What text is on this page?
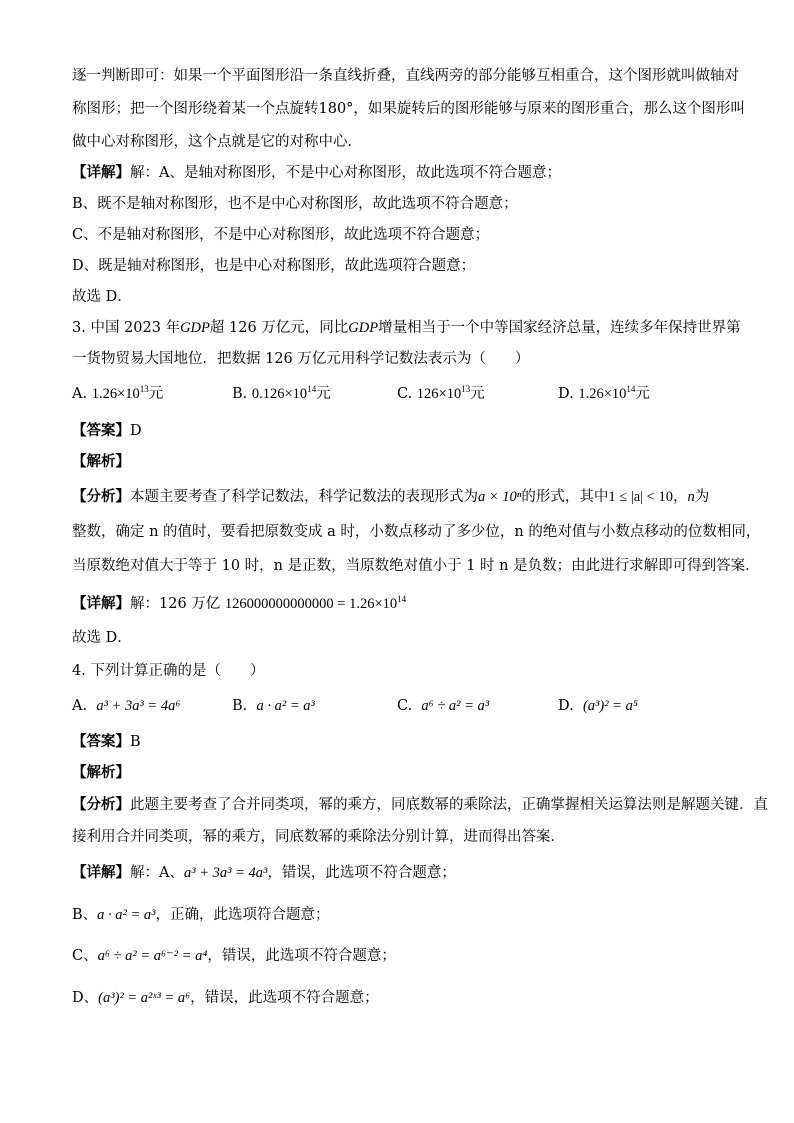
逐一判断即可：如果一个平面图形沿一条直线折叠，直线两旁的部分能够互相重合，这个图形就叫做轴对
称图形；把一个图形绕着某一个点旋转180°，如果旋转后的图形能够与原来的图形重合，那么这个图形叫
做中心对称图形，这个点就是它的对称中心．
【详解】解：A、是轴对称图形，不是中心对称图形，故此选项不符合题意；
B、既不是轴对称图形，也不是中心对称图形，故此选项不符合题意；
C、不是轴对称图形，不是中心对称图形，故此选项不符合题意；
D、既是轴对称图形，也是中心对称图形，故此选项符合题意；
故选 D．
3. 中国 2023 年GDP超 126 万亿元，同比GDP增量相当于一个中等国家经济总量，连续多年保持世界第
一货物贸易大国地位．把数据 126 万亿元用科学记数法表示为（　　）
A. $1.26\times 10^{13}$元	B. $0.126\times 10^{14}$元	C. $126\times 10^{13}$元	D. $1.26\times 10^{14}$元
【答案】D
【解析】
【分析】本题主要考查了科学记数法，科学记数法的表现形式为a × 10ⁿ的形式，其中1 ≤ |a| < 10，n为
整数，确定 n 的值时，要看把原数变成 a 时，小数点移动了多少位，n 的绝对值与小数点移动的位数相同，
当原数绝对值大于等于 10 时，n 是正数，当原数绝对值小于 1 时 n 是负数；由此进行求解即可得到答案．
【详解】解：126 万亿 $126000000000000 = 1.26\times 10^{14}$
故选 D．
4. 下列计算正确的是（　　）
A. a³ + 3a³ = 4a⁶	B. a · a² = a³	C. a⁶ ÷ a² = a³	D. (a³)² = a⁵
【答案】B
【解析】
【分析】此题主要考查了合并同类项，幂的乘方，同底数幂的乘除法，正确掌握相关运算法则是解题关键．直
接利用合并同类项，幂的乘方，同底数幂的乘除法分别计算，进而得出答案．
【详解】解：A、a³ + 3a³ = 4a³，错误，此选项不符合题意；
B、a · a² = a³，正确，此选项符合题意；
C、a⁶ ÷ a² = a⁶⁻² = a⁴，错误，此选项不符合题意；
D、(a³)² = a²ˣ³ = a⁶，错误，此选项不符合题意；
